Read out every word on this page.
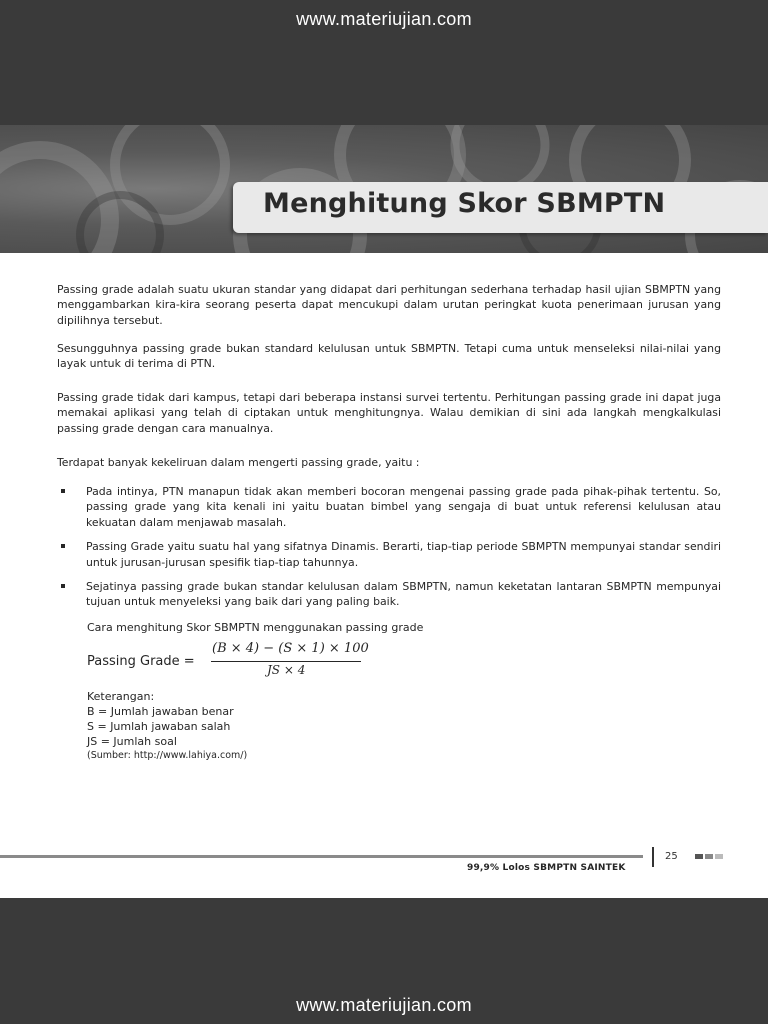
www.materiujian.com
Menghitung Skor SBMPTN

Passing grade adalah suatu ukuran standar yang didapat dari perhitungan sederhana terhadap hasil ujian SBMPTN yang menggambarkan kira-kira seorang peserta dapat mencukupi dalam urutan peringkat kuota penerimaan jurusan yang dipilihnya tersebut.

Sesungguhnya passing grade bukan standard kelulusan untuk SBMPTN. Tetapi cuma untuk menseleksi nilai-nilai yang layak untuk di terima di PTN.

Passing grade tidak dari kampus, tetapi dari beberapa instansi survei tertentu. Perhitungan passing grade ini dapat juga memakai aplikasi yang telah di ciptakan untuk menghitungnya. Walau demikian di sini ada langkah mengkalkulasi passing grade dengan cara manualnya.

Terdapat banyak kekeliruan dalam mengerti passing grade, yaitu :

Pada intinya, PTN manapun tidak akan memberi bocoran mengenai passing grade pada pihak-pihak tertentu. So, passing grade yang kita kenali ini yaitu buatan bimbel yang sengaja di buat untuk referensi kelulusan atau kekuatan dalam menjawab masalah.
Passing Grade yaitu suatu hal yang sifatnya Dinamis. Berarti, tiap-tiap periode SBMPTN mempunyai standar sendiri untuk jurusan-jurusan spesifik tiap-tiap tahunnya.
Sejatinya passing grade bukan standar kelulusan dalam SBMPTN, namun keketatan lantaran SBMPTN mempunyai tujuan untuk menyeleksi yang baik dari yang paling baik.
Cara menghitung Skor SBMPTN menggunakan passing grade
Passing Grade =
(B × 4) − (S × 1) × 100
JS × 4
Keterangan:
B = Jumlah jawaban benar
S = Jumlah jawaban salah
JS = Jumlah soal
(Sumber: http://www.lahiya.com/)
25
99,9% Lolos SBMPTN SAINTEK
www.materiujian.com
